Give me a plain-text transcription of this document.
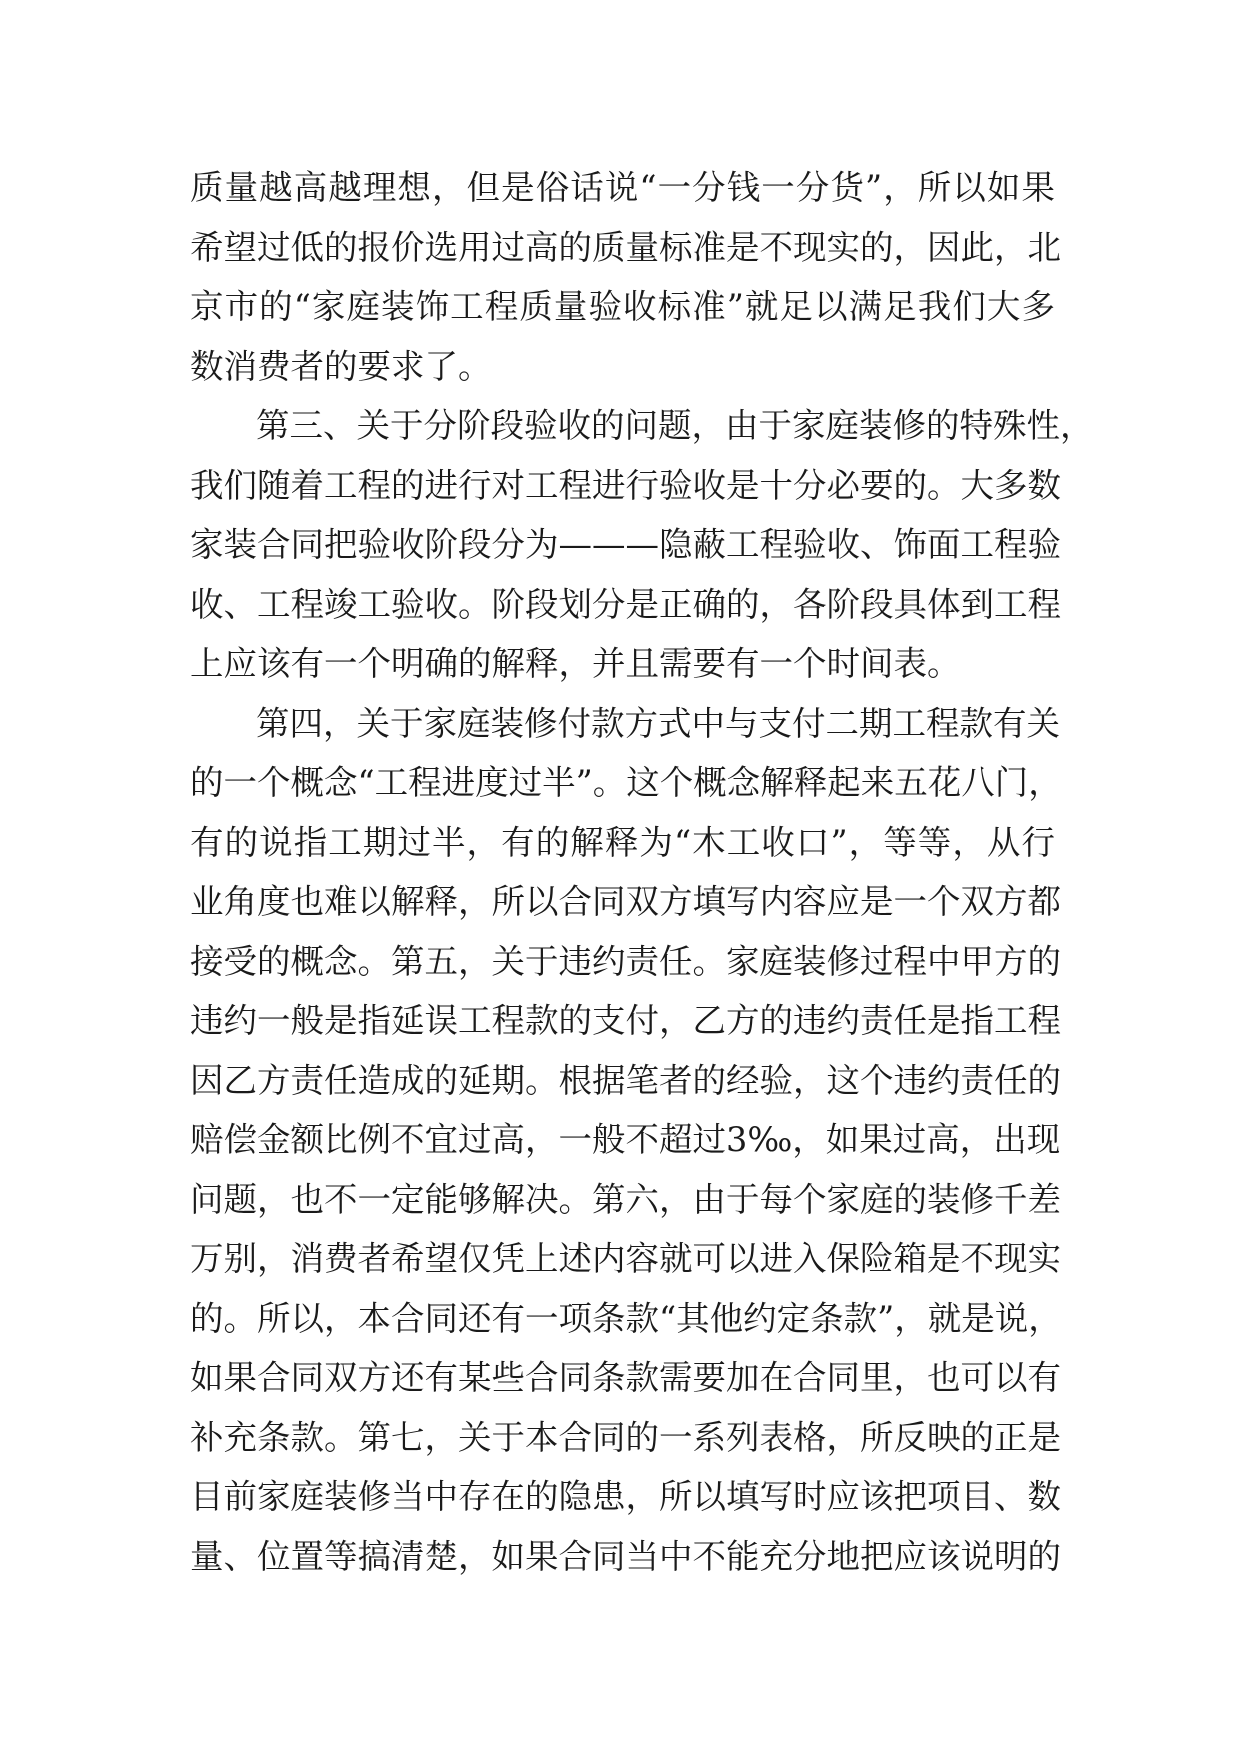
质量越高越理想，但是俗话说“一分钱一分货”，所以如果
希望过低的报价选用过高的质量标准是不现实的，因此，北
京市的“家庭装饰工程质量验收标准”就足以满足我们大多
数消费者的要求了。
第三、关于分阶段验收的问题，由于家庭装修的特殊性，
我们随着工程的进行对工程进行验收是十分必要的。大多数
家装合同把验收阶段分为———隐蔽工程验收、饰面工程验
收、工程竣工验收。阶段划分是正确的，各阶段具体到工程
上应该有一个明确的解释，并且需要有一个时间表。
第四，关于家庭装修付款方式中与支付二期工程款有关
的一个概念“工程进度过半”。这个概念解释起来五花八门，
有的说指工期过半，有的解释为“木工收口”，等等，从行
业角度也难以解释，所以合同双方填写内容应是一个双方都
接受的概念。第五，关于违约责任。家庭装修过程中甲方的
违约一般是指延误工程款的支付，乙方的违约责任是指工程
因乙方责任造成的延期。根据笔者的经验，这个违约责任的
赔偿金额比例不宜过高，一般不超过3‰，如果过高，出现
问题，也不一定能够解决。第六，由于每个家庭的装修千差
万别，消费者希望仅凭上述内容就可以进入保险箱是不现实
的。所以，本合同还有一项条款“其他约定条款”，就是说，
如果合同双方还有某些合同条款需要加在合同里，也可以有
补充条款。第七，关于本合同的一系列表格，所反映的正是
目前家庭装修当中存在的隐患，所以填写时应该把项目、数
量、位置等搞清楚，如果合同当中不能充分地把应该说明的
